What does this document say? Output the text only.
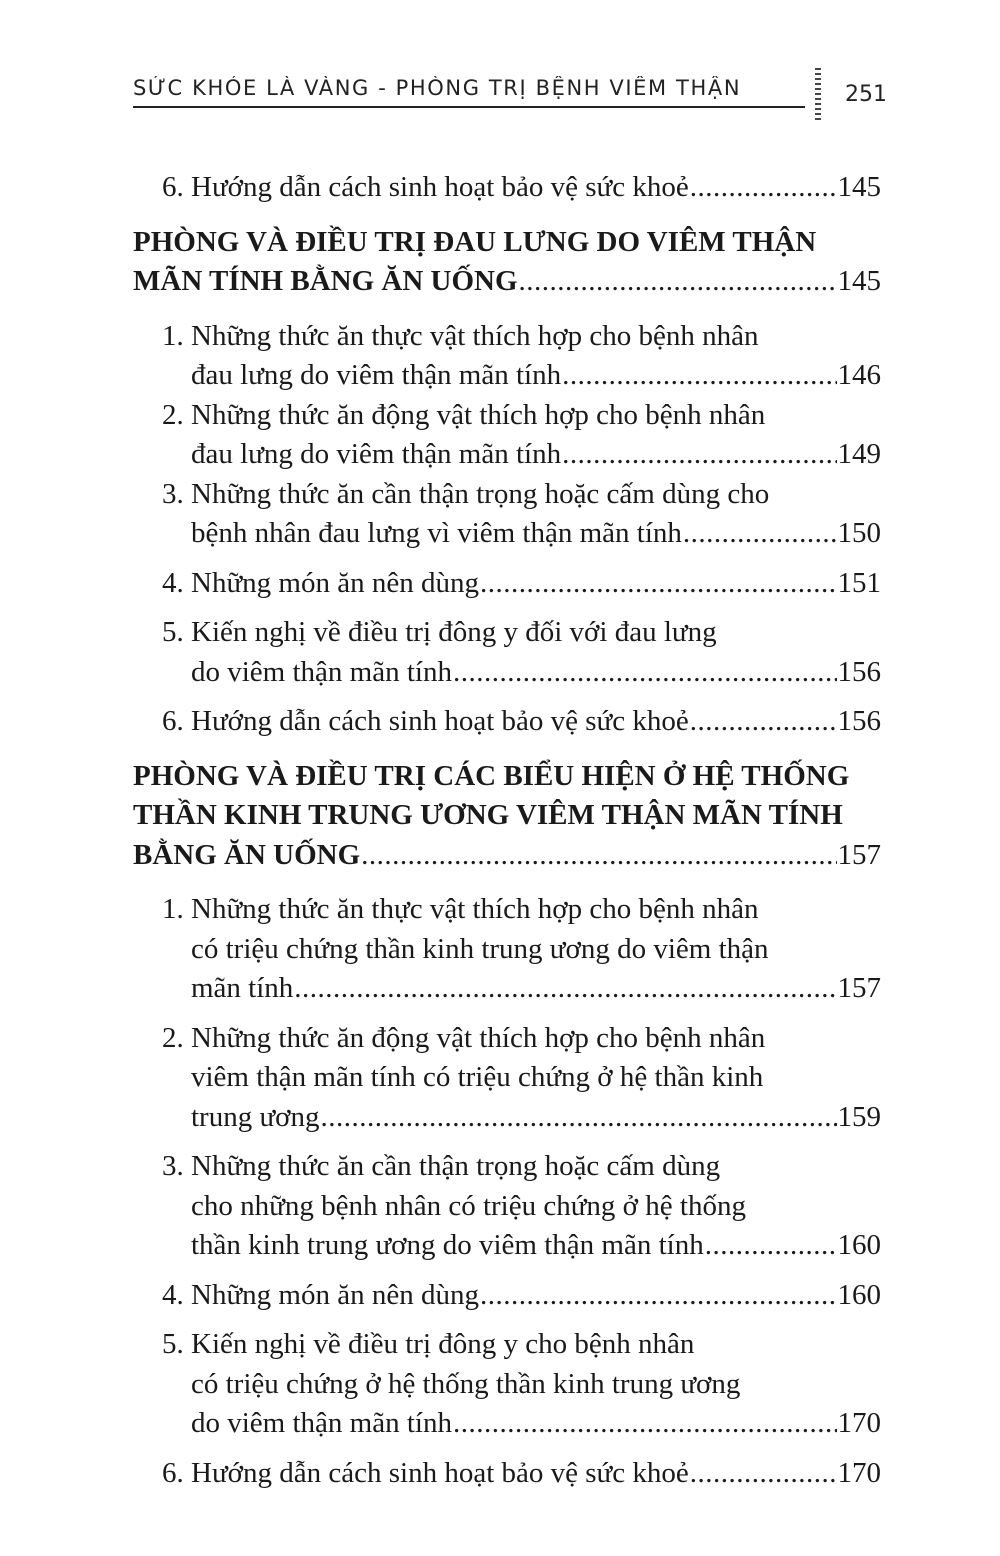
SỨC KHỎE LÀ VÀNG - PHÒNG TRỊ BỆNH VIÊM THẬN	251
6. Hướng dẫn cách sinh hoạt bảo vệ sức khoẻ .....	145
PHÒNG VÀ ĐIỀU TRỊ ĐAU LƯNG DO VIÊM THẬN
MÃN TÍNH BẰNG ĂN UỐNG .....	145
1. Những thức ăn thực vật thích hợp cho bệnh nhân
đau lưng do viêm thận mãn tính .....	146
2. Những thức ăn động vật thích hợp cho bệnh nhân
đau lưng do viêm thận mãn tính .....	149
3. Những thức ăn cần thận trọng hoặc cấm dùng cho
bệnh nhân đau lưng vì viêm thận mãn tính .....	150
4. Những món ăn nên dùng .....	151
5. Kiến nghị về điều trị đông y đối với đau lưng
do viêm thận mãn tính .....	156
6. Hướng dẫn cách sinh hoạt bảo vệ sức khoẻ .....	156
PHÒNG VÀ ĐIỀU TRỊ CÁC BIỂU HIỆN Ở HỆ THỐNG
THẦN KINH TRUNG ƯƠNG VIÊM THẬN MÃN TÍNH
BẰNG ĂN UỐNG .....	157
1. Những thức ăn thực vật thích hợp cho bệnh nhân
có triệu chứng thần kinh trung ương do viêm thận
mãn tính .....	157
2. Những thức ăn động vật thích hợp cho bệnh nhân
viêm thận mãn tính có triệu chứng ở hệ thần kinh
trung ương .....	159
3. Những thức ăn cần thận trọng hoặc cấm dùng
cho những bệnh nhân có triệu chứng ở hệ thống
thần kinh trung ương do viêm thận mãn tính .....	160
4. Những món ăn nên dùng .....	160
5. Kiến nghị về điều trị đông y cho bệnh nhân
có triệu chứng ở hệ thống thần kinh trung ương
do viêm thận mãn tính .....	170
6. Hướng dẫn cách sinh hoạt bảo vệ sức khoẻ .....	170
